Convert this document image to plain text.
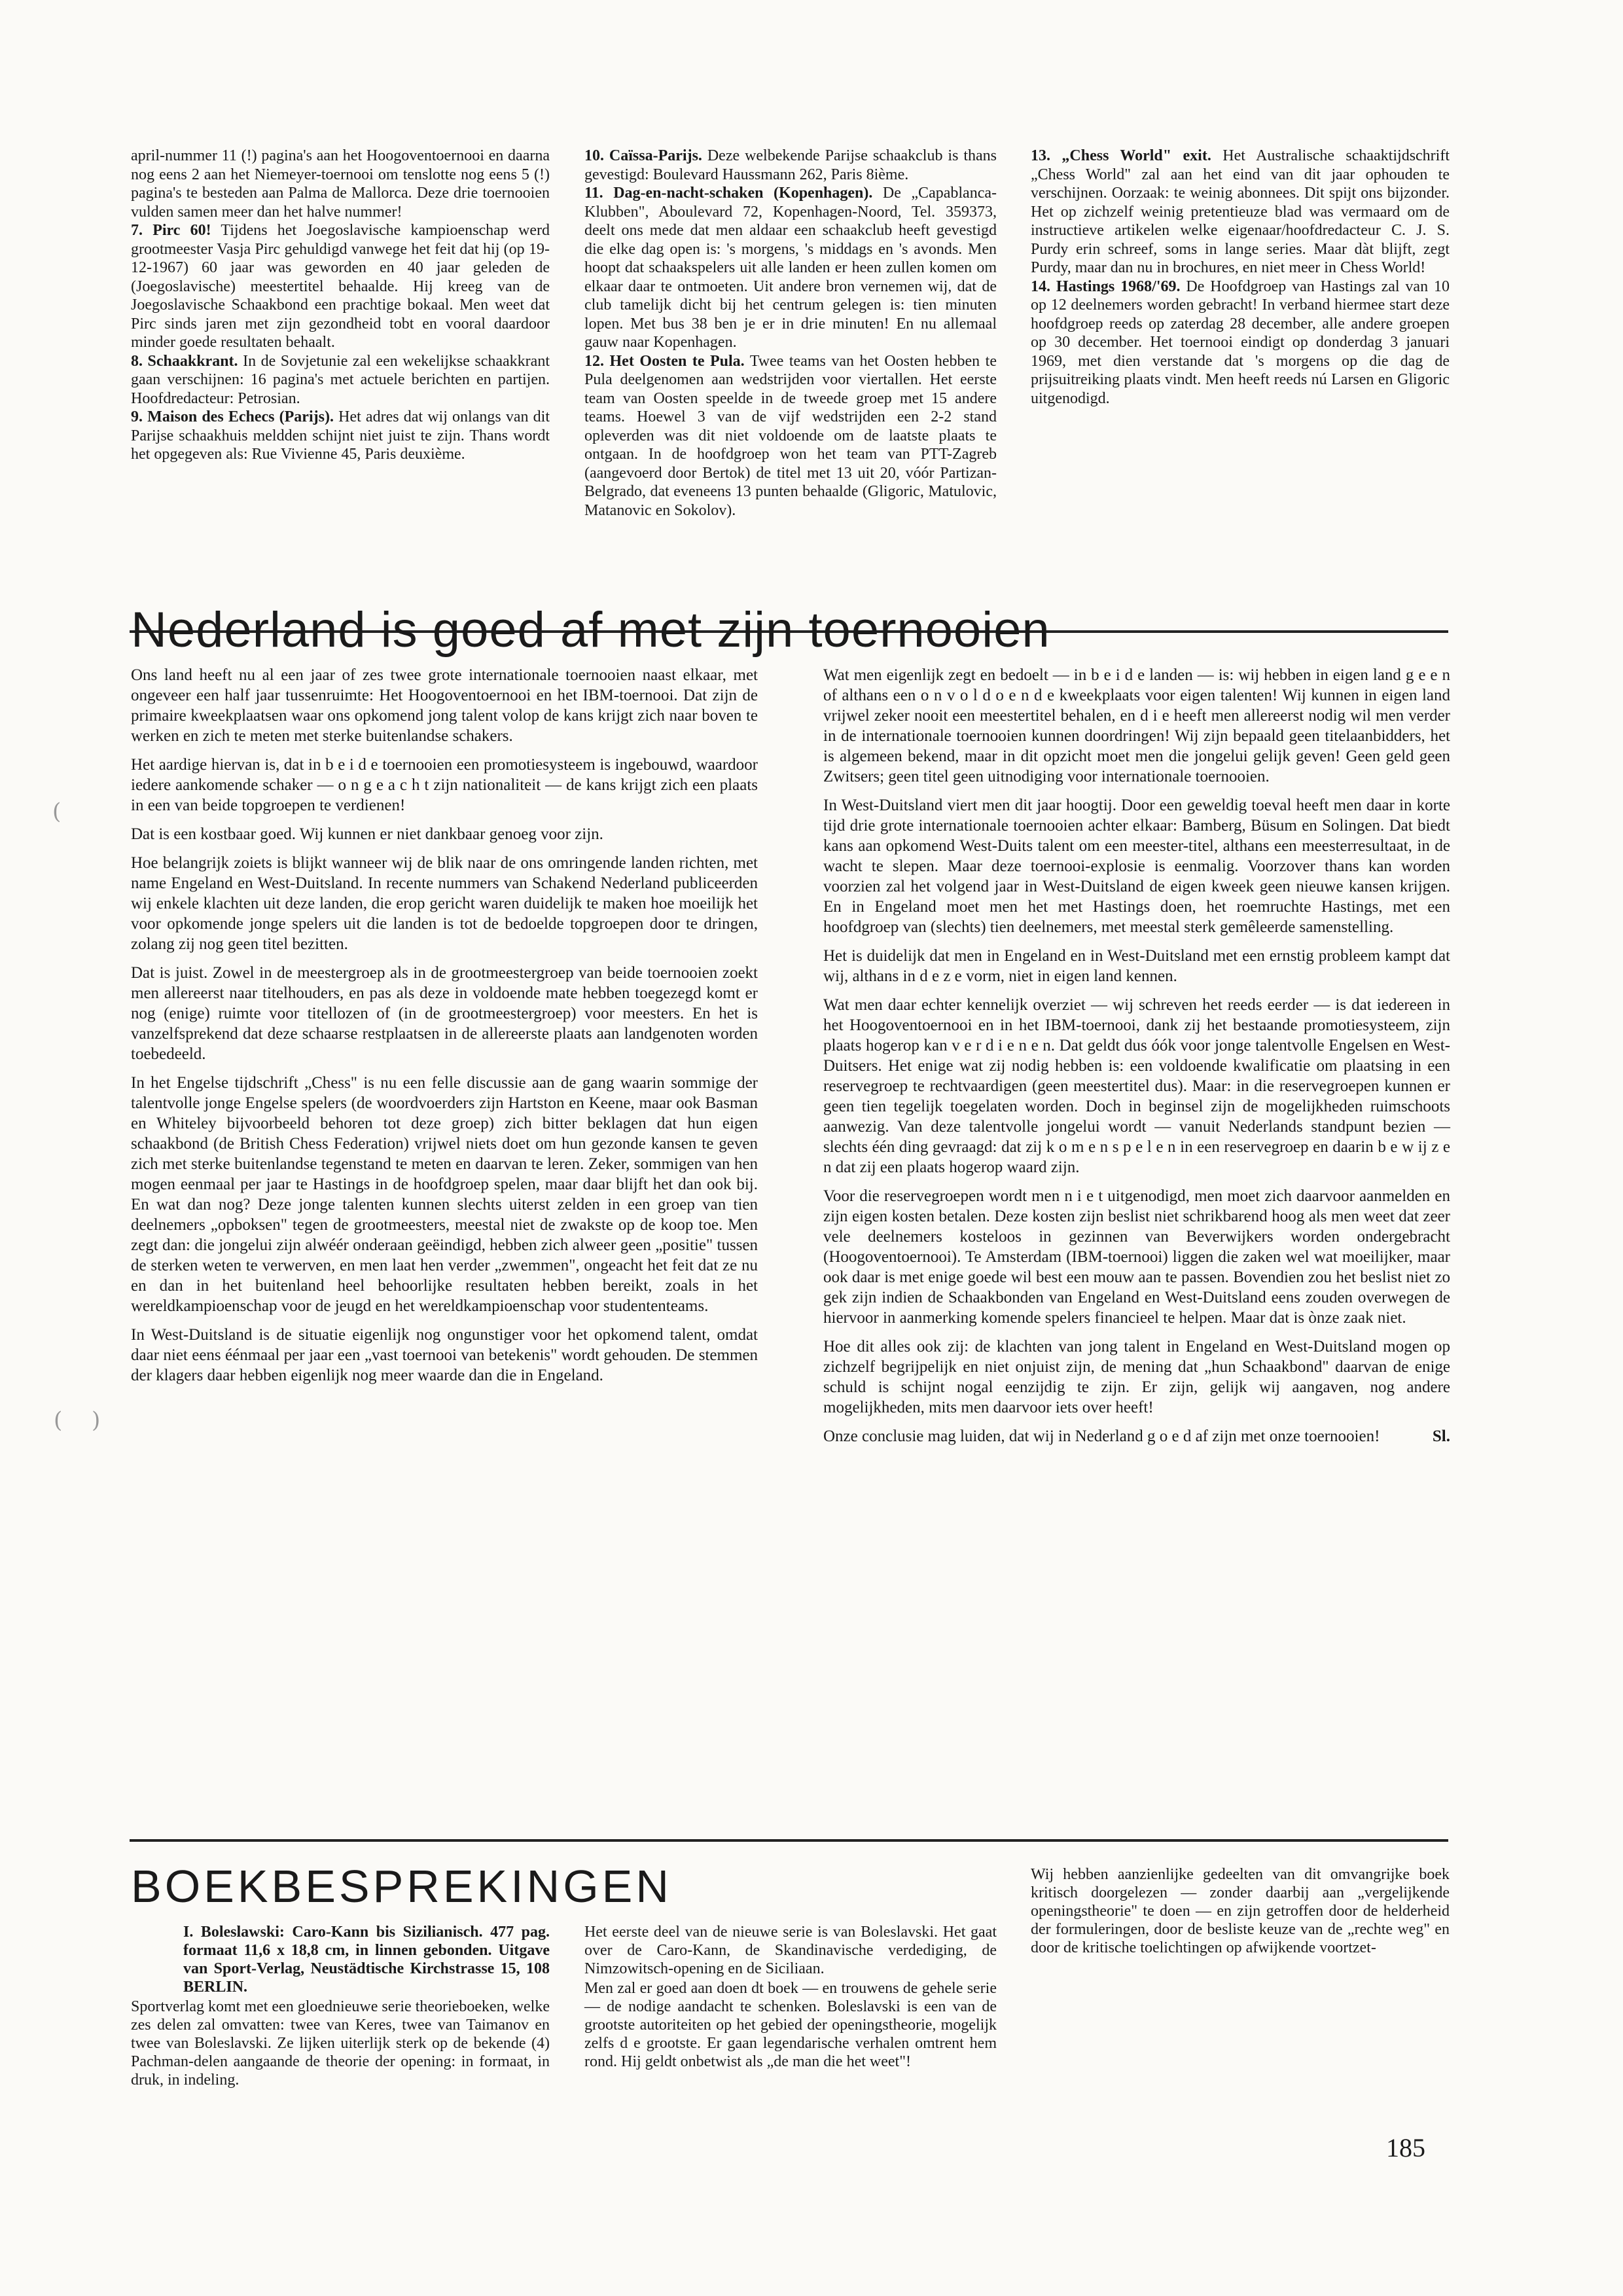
april-nummer 11 (!) pagina's aan het Hoogoventoernooi en daarna nog eens 2 aan het Niemeyer-toernooi om tenslotte nog eens 5 (!) pagina's te besteden aan Palma de Mallorca. Deze drie toernooien vulden samen meer dan het halve nummer!

7. Pirc 60! Tijdens het Joegoslavische kampioenschap werd grootmeester Vasja Pirc gehuldigd vanwege het feit dat hij (op 19-12-1967) 60 jaar was geworden en 40 jaar geleden de (Joegoslavische) meestertitel behaalde. Hij kreeg van de Joegoslavische Schaakbond een prachtige bokaal. Men weet dat Pirc sinds jaren met zijn gezondheid tobt en vooral daardoor minder goede resultaten behaalt.

8. Schaakkrant. In de Sovjetunie zal een wekelijkse schaakkrant gaan verschijnen: 16 pagina's met actuele berichten en partijen. Hoofdredacteur: Petrosian.

9. Maison des Echecs (Parijs). Het adres dat wij onlangs van dit Parijse schaakhuis meldden schijnt niet juist te zijn. Thans wordt het opgegeven als: Rue Vivienne 45, Paris deuxième.

10. Caïssa-Parijs. Deze welbekende Parijse schaakclub is thans gevestigd: Boulevard Haussmann 262, Paris 8ième.

11. Dag-en-nacht-schaken (Kopenhagen). De „Capablanca-Klubben", Aboulevard 72, Kopenhagen-Noord, Tel. 359373, deelt ons mede dat men aldaar een schaakclub heeft gevestigd die elke dag open is: 's morgens, 's middags en 's avonds. Men hoopt dat schaakspelers uit alle landen er heen zullen komen om elkaar daar te ontmoeten. Uit andere bron vernemen wij, dat de club tamelijk dicht bij het centrum gelegen is: tien minuten lopen. Met bus 38 ben je er in drie minuten! En nu allemaal gauw naar Kopenhagen.

12. Het Oosten te Pula. Twee teams van het Oosten hebben te Pula deelgenomen aan wedstrijden voor viertallen. Het eerste team van Oosten speelde in de tweede groep met 15 andere teams. Hoewel 3 van de vijf wedstrijden een 2-2 stand opleverden was dit niet voldoende om de laatste plaats te ontgaan. In de hoofdgroep won het team van PTT-Zagreb (aangevoerd door Bertok) de titel met 13 uit 20, vóór Partizan-Belgrado, dat eveneens 13 punten behaalde (Gligoric, Matulovic, Matanovic en Sokolov).

13. „Chess World" exit. Het Australische schaaktijdschrift „Chess World" zal aan het eind van dit jaar ophouden te verschijnen. Oorzaak: te weinig abonnees. Dit spijt ons bijzonder. Het op zichzelf weinig pretentieuze blad was vermaard om de instructieve artikelen welke eigenaar/hoofdredacteur C. J. S. Purdy erin schreef, soms in lange series. Maar dàt blijft, zegt Purdy, maar dan nu in brochures, en niet meer in Chess World!

14. Hastings 1968/'69. De Hoofdgroep van Hastings zal van 10 op 12 deelnemers worden gebracht! In verband hiermee start deze hoofdgroep reeds op zaterdag 28 december, alle andere groepen op 30 december. Het toernooi eindigt op donderdag 3 januari 1969, met dien verstande dat 's morgens op die dag de prijsuitreiking plaats vindt. Men heeft reeds nú Larsen en Gligoric uitgenodigd.

Nederland is goed af met zijn toernooien

Ons land heeft nu al een jaar of zes twee grote internationale toernooien naast elkaar, met ongeveer een half jaar tussenruimte: Het Hoogoventoernooi en het IBM-toernooi. Dat zijn de primaire kweekplaatsen waar ons opkomend jong talent volop de kans krijgt zich naar boven te werken en zich te meten met sterke buitenlandse schakers.

Het aardige hiervan is, dat in b e i d e toernooien een promotiesysteem is ingebouwd, waardoor iedere aankomende schaker — o n g e a c h t zijn nationaliteit — de kans krijgt zich een plaats in een van beide topgroepen te verdienen!

Dat is een kostbaar goed. Wij kunnen er niet dankbaar genoeg voor zijn.

Hoe belangrijk zoiets is blijkt wanneer wij de blik naar de ons omringende landen richten, met name Engeland en West-Duitsland. In recente nummers van Schakend Nederland publiceerden wij enkele klachten uit deze landen, die erop gericht waren duidelijk te maken hoe moeilijk het voor opkomende jonge spelers uit die landen is tot de bedoelde topgroepen door te dringen, zolang zij nog geen titel bezitten.

Dat is juist. Zowel in de meestergroep als in de grootmeestergroep van beide toernooien zoekt men allereerst naar titelhouders, en pas als deze in voldoende mate hebben toegezegd komt er nog (enige) ruimte voor titellozen of (in de grootmeestergroep) voor meesters. En het is vanzelfsprekend dat deze schaarse restplaatsen in de allereerste plaats aan landgenoten worden toebedeeld.

In het Engelse tijdschrift „Chess" is nu een felle discussie aan de gang waarin sommige der talentvolle jonge Engelse spelers (de woordvoerders zijn Hartston en Keene, maar ook Basman en Whiteley bijvoorbeeld behoren tot deze groep) zich bitter beklagen dat hun eigen schaakbond (de British Chess Federation) vrijwel niets doet om hun gezonde kansen te geven zich met sterke buitenlandse tegenstand te meten en daarvan te leren. Zeker, sommigen van hen mogen eenmaal per jaar te Hastings in de hoofdgroep spelen, maar daar blijft het dan ook bij. En wat dan nog? Deze jonge talenten kunnen slechts uiterst zelden in een groep van tien deelnemers „opboksen" tegen de grootmeesters, meestal niet de zwakste op de koop toe. Men zegt dan: die jongelui zijn alwéér onderaan geëindigd, hebben zich alweer geen „positie" tussen de sterken weten te verwerven, en men laat hen verder „zwemmen", ongeacht het feit dat ze nu en dan in het buitenland heel behoorlijke resultaten hebben bereikt, zoals in het wereldkampioenschap voor de jeugd en het wereldkampioenschap voor studententeams.

In West-Duitsland is de situatie eigenlijk nog ongunstiger voor het opkomend talent, omdat daar niet eens éénmaal per jaar een „vast toernooi van betekenis" wordt gehouden. De stemmen der klagers daar hebben eigenlijk nog meer waarde dan die in Engeland.

Wat men eigenlijk zegt en bedoelt — in b e i d e landen — is: wij hebben in eigen land g e e n of althans een o n v o l d o e n d e kweekplaats voor eigen talenten! Wij kunnen in eigen land vrijwel zeker nooit een meestertitel behalen, en d i e heeft men allereerst nodig wil men verder in de internationale toernooien kunnen doordringen! Wij zijn bepaald geen titelaanbidders, het is algemeen bekend, maar in dit opzicht moet men die jongelui gelijk geven! Geen geld geen Zwitsers; geen titel geen uitnodiging voor internationale toernooien.

In West-Duitsland viert men dit jaar hoogtij. Door een geweldig toeval heeft men daar in korte tijd drie grote internationale toernooien achter elkaar: Bamberg, Büsum en Solingen. Dat biedt kans aan opkomend West-Duits talent om een meester-titel, althans een meesterresultaat, in de wacht te slepen. Maar deze toernooi-explosie is eenmalig. Voorzover thans kan worden voorzien zal het volgend jaar in West-Duitsland de eigen kweek geen nieuwe kansen krijgen. En in Engeland moet men het met Hastings doen, het roemruchte Hastings, met een hoofdgroep van (slechts) tien deelnemers, met meestal sterk gemêleerde samenstelling.

Het is duidelijk dat men in Engeland en in West-Duitsland met een ernstig probleem kampt dat wij, althans in d e z e vorm, niet in eigen land kennen.

Wat men daar echter kennelijk overziet — wij schreven het reeds eerder — is dat iedereen in het Hoogoventoernooi en in het IBM-toernooi, dank zij het bestaande promotiesysteem, zijn plaats hogerop kan v e r d i e n e n. Dat geldt dus óók voor jonge talentvolle Engelsen en West-Duitsers. Het enige wat zij nodig hebben is: een voldoende kwalificatie om plaatsing in een reservegroep te rechtvaardigen (geen meestertitel dus). Maar: in die reservegroepen kunnen er geen tien tegelijk toegelaten worden. Doch in beginsel zijn de mogelijkheden ruimschoots aanwezig. Van deze talentvolle jongelui wordt — vanuit Nederlands standpunt bezien — slechts één ding gevraagd: dat zij k o m e n s p e l e n in een reservegroep en daarin b e w ij z e n dat zij een plaats hogerop waard zijn.

Voor die reservegroepen wordt men n i e t uitgenodigd, men moet zich daarvoor aanmelden en zijn eigen kosten betalen. Deze kosten zijn beslist niet schrikbarend hoog als men weet dat zeer vele deelnemers kosteloos in gezinnen van Beverwijkers worden ondergebracht (Hoogoventoernooi). Te Amsterdam (IBM-toernooi) liggen die zaken wel wat moeilijker, maar ook daar is met enige goede wil best een mouw aan te passen. Bovendien zou het beslist niet zo gek zijn indien de Schaakbonden van Engeland en West-Duitsland eens zouden overwegen de hiervoor in aanmerking komende spelers financieel te helpen. Maar dat is ònze zaak niet.

Hoe dit alles ook zij: de klachten van jong talent in Engeland en West-Duitsland mogen op zichzelf begrijpelijk en niet onjuist zijn, de mening dat „hun Schaakbond" daarvan de enige schuld is schijnt nogal eenzijdig te zijn. Er zijn, gelijk wij aangaven, nog andere mogelijkheden, mits men daarvoor iets over heeft!

Onze conclusie mag luiden, dat wij in Nederland g o e d af zijn met onze toernooien!	Sl.

BOEKBESPREKINGEN

I. Boleslawski: Caro-Kann bis Sizilianisch. 477 pag. formaat 11,6 x 18,8 cm, in linnen gebonden. Uitgave van Sport-Verlag, Neustädtische Kirchstrasse 15, 108 BERLIN.

Sportverlag komt met een gloednieuwe serie theorieboeken, welke zes delen zal omvatten: twee van Keres, twee van Taimanov en twee van Boleslavski. Ze lijken uiterlijk sterk op de bekende (4) Pachman-delen aangaande de theorie der opening: in formaat, in druk, in indeling.

Het eerste deel van de nieuwe serie is van Boleslavski. Het gaat over de Caro-Kann, de Skandinavische verdediging, de Nimzowitsch-opening en de Siciliaan.

Men zal er goed aan doen dt boek — en trouwens de gehele serie — de nodige aandacht te schenken. Boleslavski is een van de grootste autoriteiten op het gebied der openingstheorie, mogelijk zelfs d e grootste. Er gaan legendarische verhalen omtrent hem rond. Hij geldt onbetwist als „de man die het weet"!

Wij hebben aanzienlijke gedeelten van dit omvangrijke boek kritisch doorgelezen — zonder daarbij aan „vergelijkende openingstheorie" te doen — en zijn getroffen door de helderheid der formuleringen, door de besliste keuze van de „rechte weg" en door de kritische toelichtingen op afwijkende voortzet-

185
(
( )
